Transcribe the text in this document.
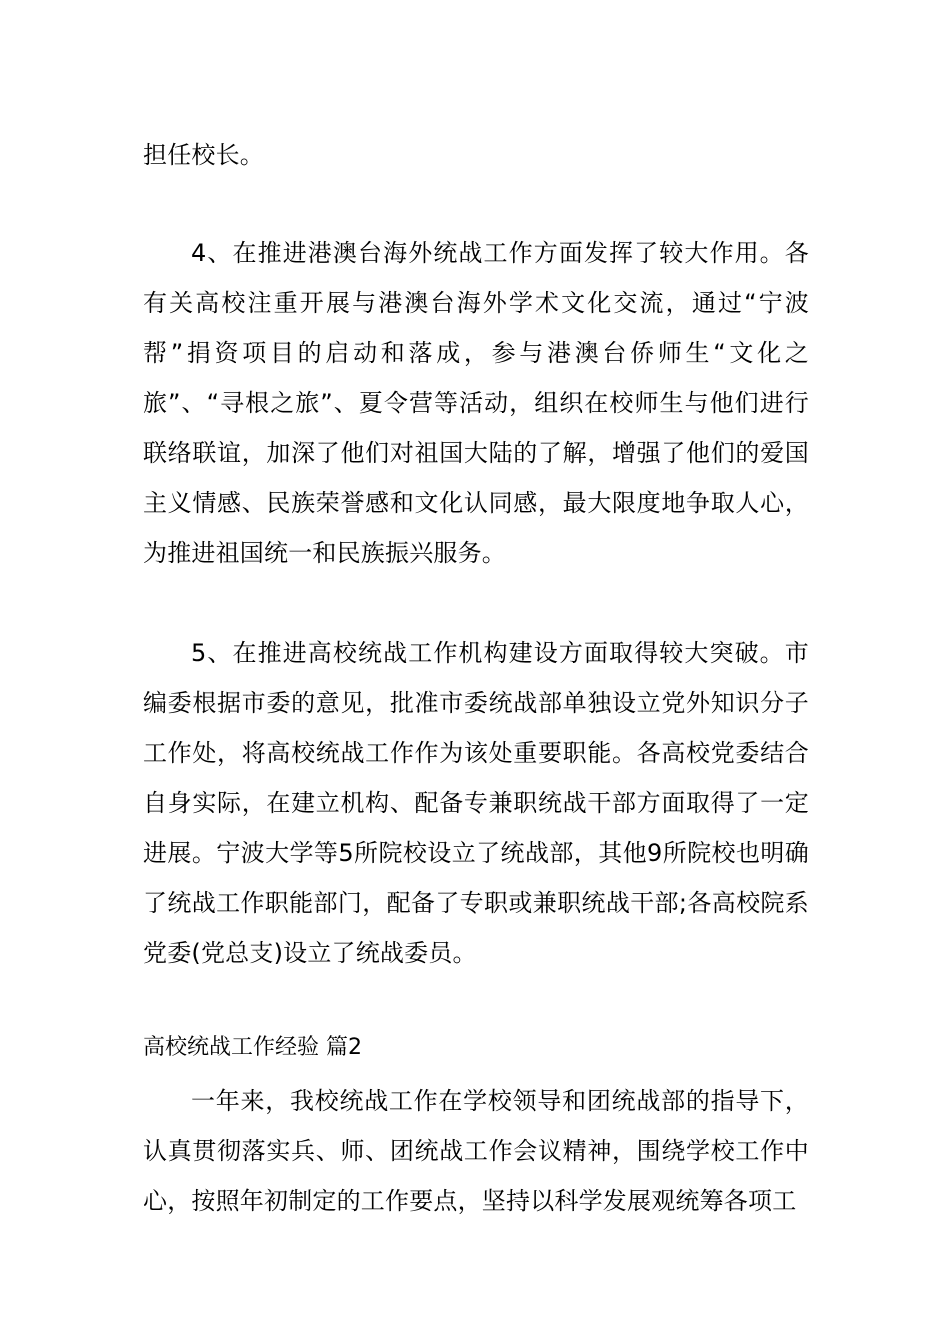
担任校长。

4、在推进港澳台海外统战工作方面发挥了较大作用。各有关高校注重开展与港澳台海外学术文化交流，通过“宁波帮”捐资项目的启动和落成，参与港澳台侨师生“文化之旅”、“寻根之旅”、夏令营等活动，组织在校师生与他们进行联络联谊，加深了他们对祖国大陆的了解，增强了他们的爱国主义情感、民族荣誉感和文化认同感，最大限度地争取人心，为推进祖国统一和民族振兴服务。

5、在推进高校统战工作机构建设方面取得较大突破。市编委根据市委的意见，批准市委统战部单独设立党外知识分子工作处，将高校统战工作作为该处重要职能。各高校党委结合自身实际，在建立机构、配备专兼职统战干部方面取得了一定进展。宁波大学等5所院校设立了统战部，其他9所院校也明确了统战工作职能部门，配备了专职或兼职统战干部;各高校院系党委(党总支)设立了统战委员。

高校统战工作经验 篇2

一年来，我校统战工作在学校领导和团统战部的指导下，认真贯彻落实兵、师、团统战工作会议精神，围绕学校工作中心，按照年初制定的工作要点，坚持以科学发展观统筹各项工
